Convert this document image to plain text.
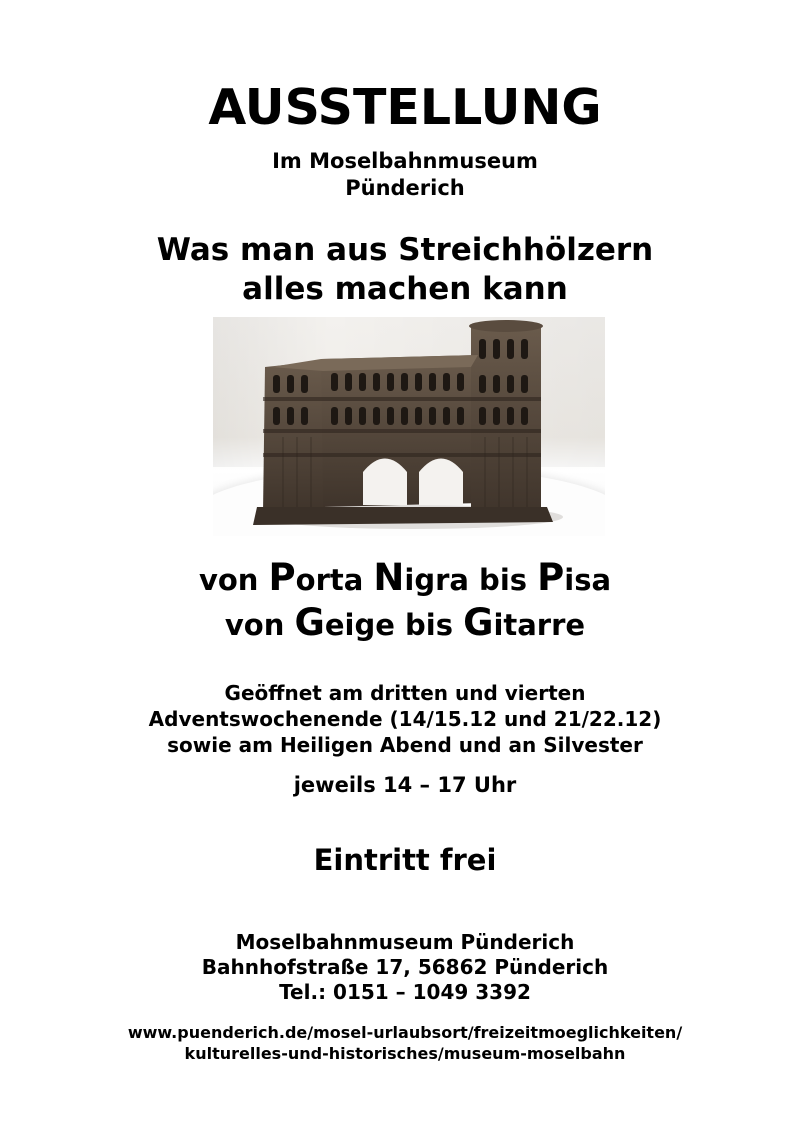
AUSSTELLUNG
Im Moselbahnmuseum
Pünderich
Was man aus Streichhölzern
alles machen kann
von Porta Nigra bis Pisa
von Geige bis Gitarre
Geöffnet am dritten und vierten
Adventswochenende (14/15.12 und 21/22.12)
sowie am Heiligen Abend und an Silvester
jeweils 14 – 17 Uhr
Eintritt frei
Moselbahnmuseum Pünderich
Bahnhofstraße 17, 56862 Pünderich
Tel.: 0151 – 1049 3392
www.puenderich.de/mosel-urlaubsort/freizeitmoeglichkeiten/
kulturelles-und-historisches/museum-moselbahn
